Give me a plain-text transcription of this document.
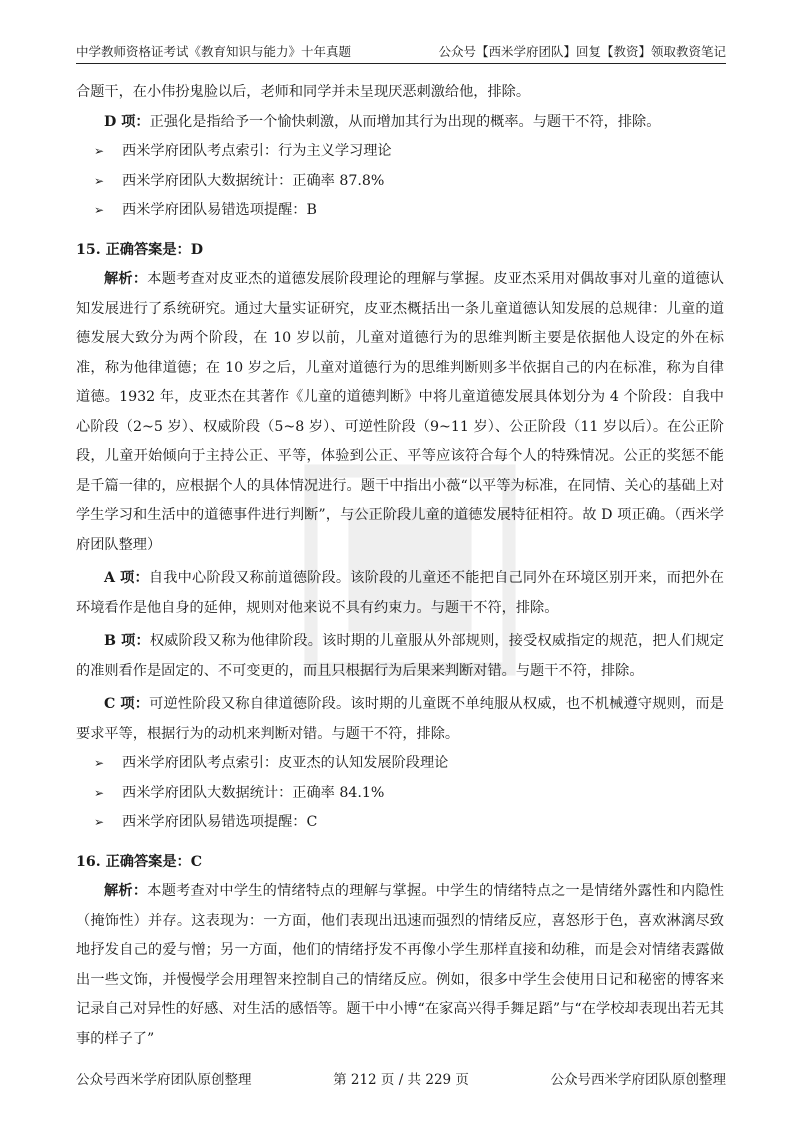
中学教师资格证考试《教育知识与能力》十年真题	公众号【西米学府团队】回复【教资】领取教资笔记

合题干，在小伟扮鬼脸以后，老师和同学并未呈现厌恶刺激给他，排除。

D 项：正强化是指给予一个愉快刺激，从而增加其行为出现的概率。与题干不符，排除。

➢	西米学府团队考点索引：行为主义学习理论
➢	西米学府团队大数据统计：正确率 87.8%
➢	西米学府团队易错选项提醒：B

15. 正确答案是：D

解析：本题考查对皮亚杰的道德发展阶段理论的理解与掌握。皮亚杰采用对偶故事对儿童的道德认知发展进行了系统研究。通过大量实证研究，皮亚杰概括出一条儿童道德认知发展的总规律：儿童的道德发展大致分为两个阶段，在 10 岁以前，儿童对道德行为的思维判断主要是依据他人设定的外在标准，称为他律道德；在 10 岁之后，儿童对道德行为的思维判断则多半依据自己的内在标准，称为自律道德。1932 年，皮亚杰在其著作《儿童的道德判断》中将儿童道德发展具体划分为 4 个阶段：自我中心阶段（2~5 岁）、权威阶段（5~8 岁）、可逆性阶段（9~11 岁）、公正阶段（11 岁以后）。在公正阶段，儿童开始倾向于主持公正、平等，体验到公正、平等应该符合每个人的特殊情况。公正的奖惩不能是千篇一律的，应根据个人的具体情况进行。题干中指出小薇“以平等为标准，在同情、关心的基础上对学生学习和生活中的道德事件进行判断”，与公正阶段儿童的道德发展特征相符。故 D 项正确。（西米学府团队整理）

A 项：自我中心阶段又称前道德阶段。该阶段的儿童还不能把自己同外在环境区别开来，而把外在环境看作是他自身的延伸，规则对他来说不具有约束力。与题干不符，排除。

B 项：权威阶段又称为他律阶段。该时期的儿童服从外部规则，接受权威指定的规范，把人们规定的准则看作是固定的、不可变更的，而且只根据行为后果来判断对错。与题干不符，排除。

C 项：可逆性阶段又称自律道德阶段。该时期的儿童既不单纯服从权威，也不机械遵守规则，而是要求平等，根据行为的动机来判断对错。与题干不符，排除。

➢	西米学府团队考点索引：皮亚杰的认知发展阶段理论
➢	西米学府团队大数据统计：正确率 84.1%
➢	西米学府团队易错选项提醒：C

16. 正确答案是：C

解析：本题考查对中学生的情绪特点的理解与掌握。中学生的情绪特点之一是情绪外露性和内隐性（掩饰性）并存。这表现为：一方面，他们表现出迅速而强烈的情绪反应，喜怒形于色，喜欢淋漓尽致地抒发自己的爱与憎；另一方面，他们的情绪抒发不再像小学生那样直接和幼稚，而是会对情绪表露做出一些文饰，并慢慢学会用理智来控制自己的情绪反应。例如，很多中学生会使用日记和秘密的博客来记录自己对异性的好感、对生活的感悟等。题干中小博“在家高兴得手舞足蹈”与“在学校却表现出若无其事的样子了”

公众号西米学府团队原创整理	第 212 页 / 共 229 页	公众号西米学府团队原创整理
